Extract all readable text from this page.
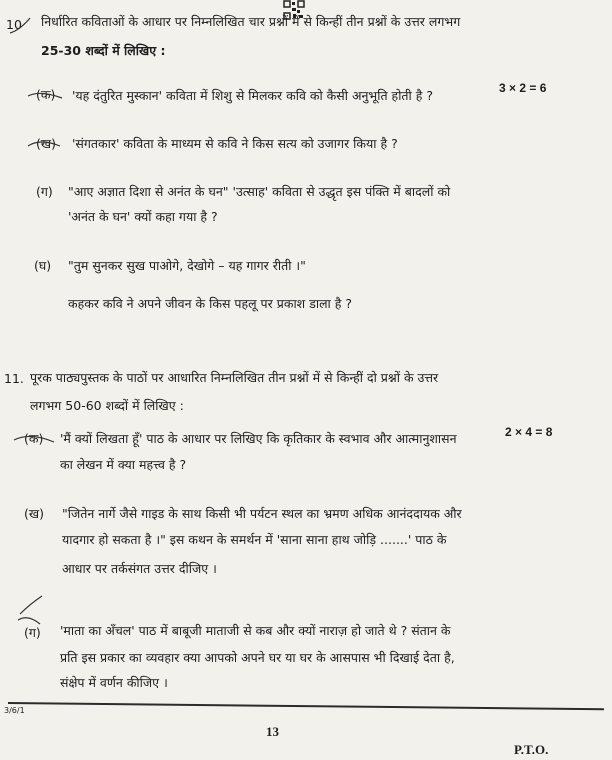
10 निर्धारित कविताओं के आधार पर निम्नलिखित चार प्रश्नों में से किन्हीं तीन प्रश्नों के उत्तर लगभग
25-30 शब्दों में लिखिए :
3 × 2 = 6
(क) 'यह दंतुरित मुस्कान' कविता में शिशु से मिलकर कवि को कैसी अनुभूति होती है ?
(ख) 'संगतकार' कविता के माध्यम से कवि ने किस सत्य को उजागर किया है ?
(ग) "आए अज्ञात दिशा से अनंत के घन" 'उत्साह' कविता से उद्धृत इस पंक्ति में बादलों को
'अनंत के घन' क्यों कहा गया है ?
(घ) "तुम सुनकर सुख पाओगे, देखोगे – यह गागर रीती ।"
कहकर कवि ने अपने जीवन के किस पहलू पर प्रकाश डाला है ?
11. पूरक पाठ्यपुस्तक के पाठों पर आधारित निम्नलिखित तीन प्रश्नों में से किन्हीं दो प्रश्नों के उत्तर
लगभग 50-60 शब्दों में लिखिए :
2 × 4 = 8
(क) 'मैं क्यों लिखता हूँ' पाठ के आधार पर लिखिए कि कृतिकार के स्वभाव और आत्मानुशासन
का लेखन में क्या महत्त्व है ?
(ख) "जितेन नार्गे जैसे गाइड के साथ किसी भी पर्यटन स्थल का भ्रमण अधिक आनंददायक और
यादगार हो सकता है ।" इस कथन के समर्थन में 'साना साना हाथ जोड़ि .......' पाठ के
आधार पर तर्कसंगत उत्तर दीजिए ।
(ग) 'माता का अँचल' पाठ में बाबूजी माताजी से कब और क्यों नाराज़ हो जाते थे ? संतान के
प्रति इस प्रकार का व्यवहार क्या आपको अपने घर या घर के आसपास भी दिखाई देता है,
संक्षेप में वर्णन कीजिए ।
3/6/1
13
P.T.O.
